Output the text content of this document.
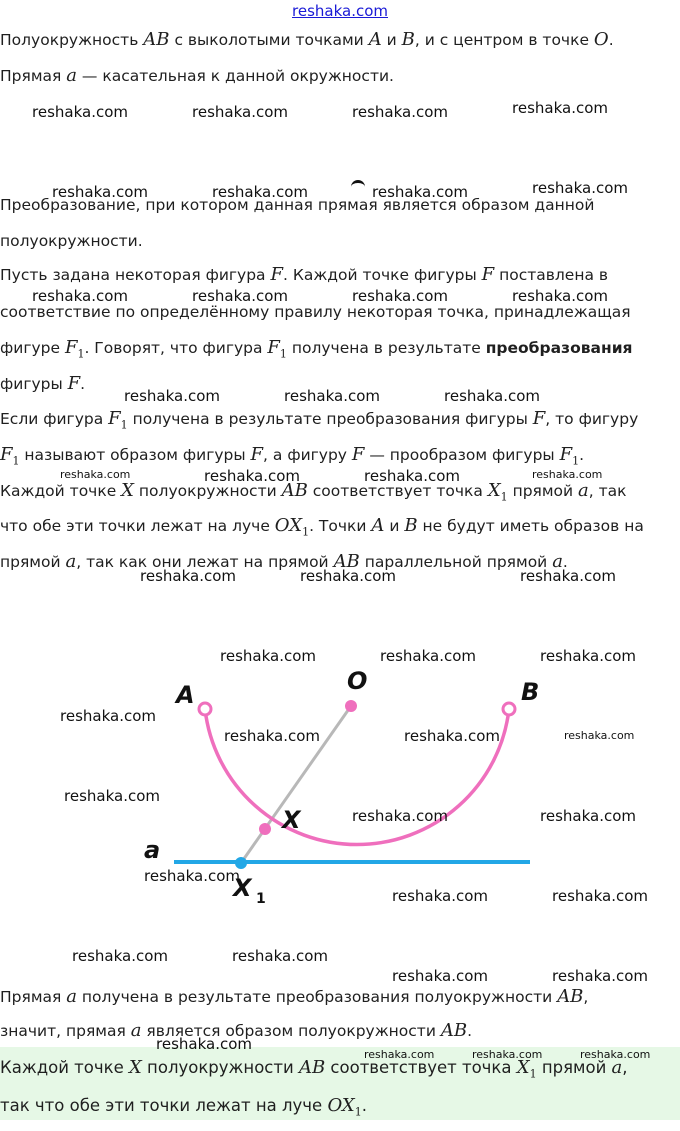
reshaka.com
Полуокружность AB с выколотыми точками A и B, и с центром в точке O.
Прямая a — касательная к данной окружности.
Преобразование, при котором данная прямая является образом данной
полуокружности.
Пусть задана некоторая фигура F. Каждой точке фигуры F поставлена в
соответствие по определённому правилу некоторая точка, принадлежащая
фигуре $F_1$. Говорят, что фигура $F_1$ получена в результате преобразования
фигуры F.
Если фигура $F_1$ получена в результате преобразования фигуры F, то фигуру
$F_1$ называют образом фигуры F, а фигуру F — прообразом фигуры $F_1$.
Каждой точке X полуокружности AB соответствует точка $X_1$ прямой a, так
что обе эти точки лежат на луче $OX_1$. Точки A и B не будут иметь образов на
прямой a, так как они лежат на прямой AB параллельной прямой a.
A	B
O
X
a
X 1
Прямая a получена в результате преобразования полуокружности AB,
значит, прямая a является образом полуокружности AB.
Каждой точке X полуокружности AB соответствует точка $X_1$ прямой a,
так что обе эти точки лежат на луче $OX_1$.
reshaka.com	reshaka.com	reshaka.com	reshaka.com
reshaka.com	reshaka.com	reshaka.com	reshaka.com
reshaka.com	reshaka.com	reshaka.com	reshaka.com
reshaka.com	reshaka.com	reshaka.com
reshaka.com	reshaka.com	reshaka.com	reshaka.com
reshaka.com	reshaka.com	reshaka.com
reshaka.com	reshaka.com	reshaka.com
reshaka.com
reshaka.com	reshaka.com	reshaka.com
reshaka.com
reshaka.com	reshaka.com
reshaka.com
reshaka.com	reshaka.com
reshaka.com	reshaka.com
reshaka.com	reshaka.com
reshaka.com
reshaka.com	reshaka.com	reshaka.com
